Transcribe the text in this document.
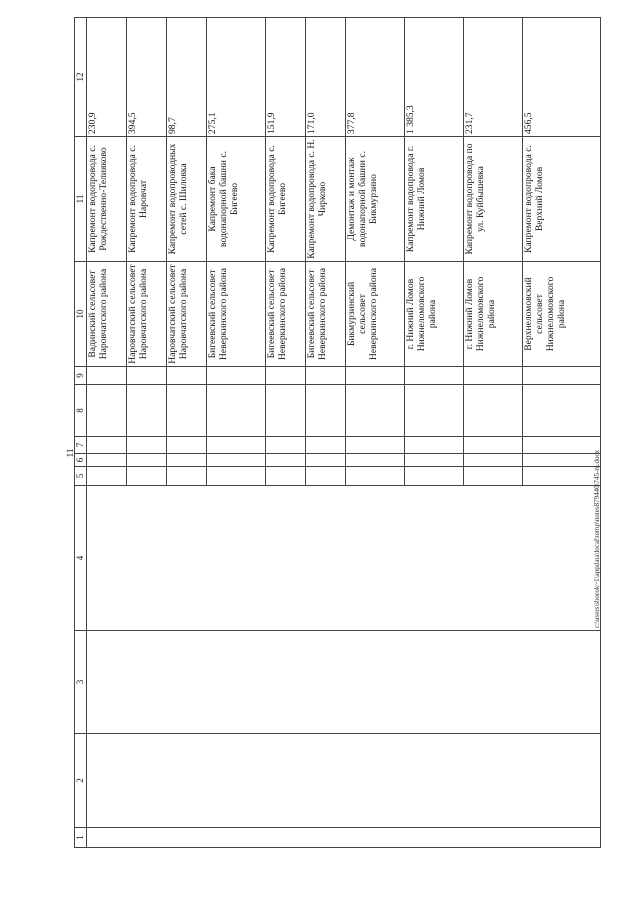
11
1	2	3	4	5	6	7	8	9	10	11	12
									Вадинский сельсовет Наровчатского района	Капремонт водопровода с. Рождественно-Телияково	230,9
									Наровчатский сельсовет Наровчатского района	Капремонт водопровода с. Наровчат	394,5
									Наровчатский сельсовет Наровчатского района	Капремонт водопроводных сетей с. Шиловка	98,7
									Бигеевский сельсовет Неверкинского района	Капремонт бака водонапорной башни с. Бигеево	275,1
									Бигеевский сельсовет Неверкинского района	Капремонт водопровода с. Бигеево	151,9
									Бигеевский сельсовет Неверкинского района	Капремонт водопровода с. Н. Чирково	171,0
									Бикмурзинский сельсовет Неверкинского района	Демонтаж и монтаж водонапорной башни с. Бикмурзино	377,8
									г. Нижний Ломов Нижнеломовского района	Капремонт водопровода г. Нижний Ломов	1 385,3
									г. Нижний Ломов Нижнеломовского района	Капремонт водопровода по ул. Куйбышевка	231,7
									Верхнеломовский сельсовет Нижнеломовского района	Капремонт водопровода с. Верхний Ломов	456,5
c:\users\sborok~1\appdata\local\temp\notes879440\745-m.docx
